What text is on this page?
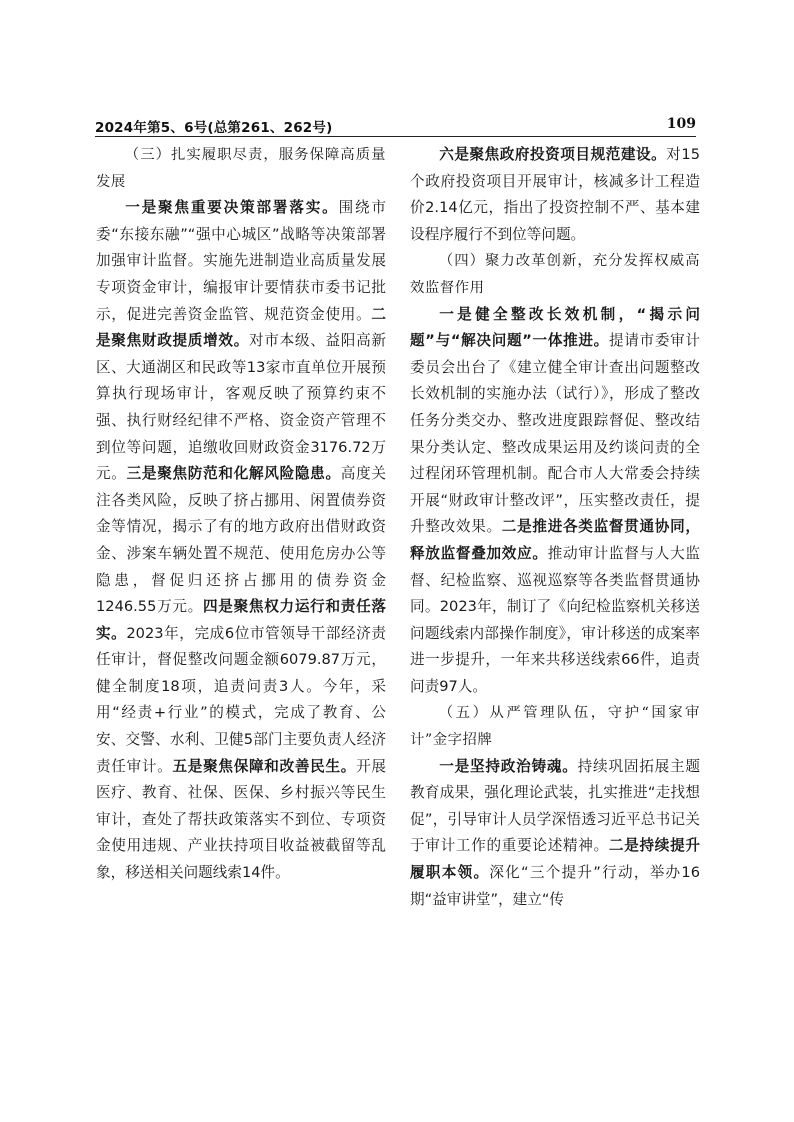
2024年第5、6号(总第261、262号)	109

（三）扎实履职尽责，服务保障高质量发展

一是聚焦重要决策部署落实。围绕市委“东接东融”“强中心城区”战略等决策部署加强审计监督。实施先进制造业高质量发展专项资金审计，编报审计要情获市委书记批示，促进完善资金监管、规范资金使用。二是聚焦财政提质增效。对市本级、益阳高新区、大通湖区和民政等13家市直单位开展预算执行现场审计，客观反映了预算约束不强、执行财经纪律不严格、资金资产管理不到位等问题，追缴收回财政资金3176.72万元。三是聚焦防范和化解风险隐患。高度关注各类风险，反映了挤占挪用、闲置债券资金等情况，揭示了有的地方政府出借财政资金、涉案车辆处置不规范、使用危房办公等隐患，督促归还挤占挪用的债券资金1246.55万元。四是聚焦权力运行和责任落实。2023年，完成6位市管领导干部经济责任审计，督促整改问题金额6079.87万元，健全制度18项，追责问责3人。今年，采用“经责+行业”的模式，完成了教育、公安、交警、水利、卫健5部门主要负责人经济责任审计。五是聚焦保障和改善民生。开展医疗、教育、社保、医保、乡村振兴等民生审计，查处了帮扶政策落实不到位、专项资金使用违规、产业扶持项目收益被截留等乱象，移送相关问题线索14件。

六是聚焦政府投资项目规范建设。对15个政府投资项目开展审计，核减多计工程造价2.14亿元，指出了投资控制不严、基本建设程序履行不到位等问题。

（四）聚力改革创新，充分发挥权威高效监督作用

一是健全整改长效机制，“揭示问题”与“解决问题”一体推进。提请市委审计委员会出台了《建立健全审计查出问题整改长效机制的实施办法（试行）》，形成了整改任务分类交办、整改进度跟踪督促、整改结果分类认定、整改成果运用及约谈问责的全过程闭环管理机制。配合市人大常委会持续开展“财政审计整改评”，压实整改责任，提升整改效果。二是推进各类监督贯通协同，释放监督叠加效应。推动审计监督与人大监督、纪检监察、巡视巡察等各类监督贯通协同。2023年，制订了《向纪检监察机关移送问题线索内部操作制度》，审计移送的成案率进一步提升，一年来共移送线索66件，追责问责97人。

（五）从严管理队伍，守护“国家审计”金字招牌

一是坚持政治铸魂。持续巩固拓展主题教育成果，强化理论武装，扎实推进“走找想促”，引导审计人员学深悟透习近平总书记关于审计工作的重要论述精神。二是持续提升履职本领。深化“三个提升”行动，举办16期“益审讲堂”，建立“传
